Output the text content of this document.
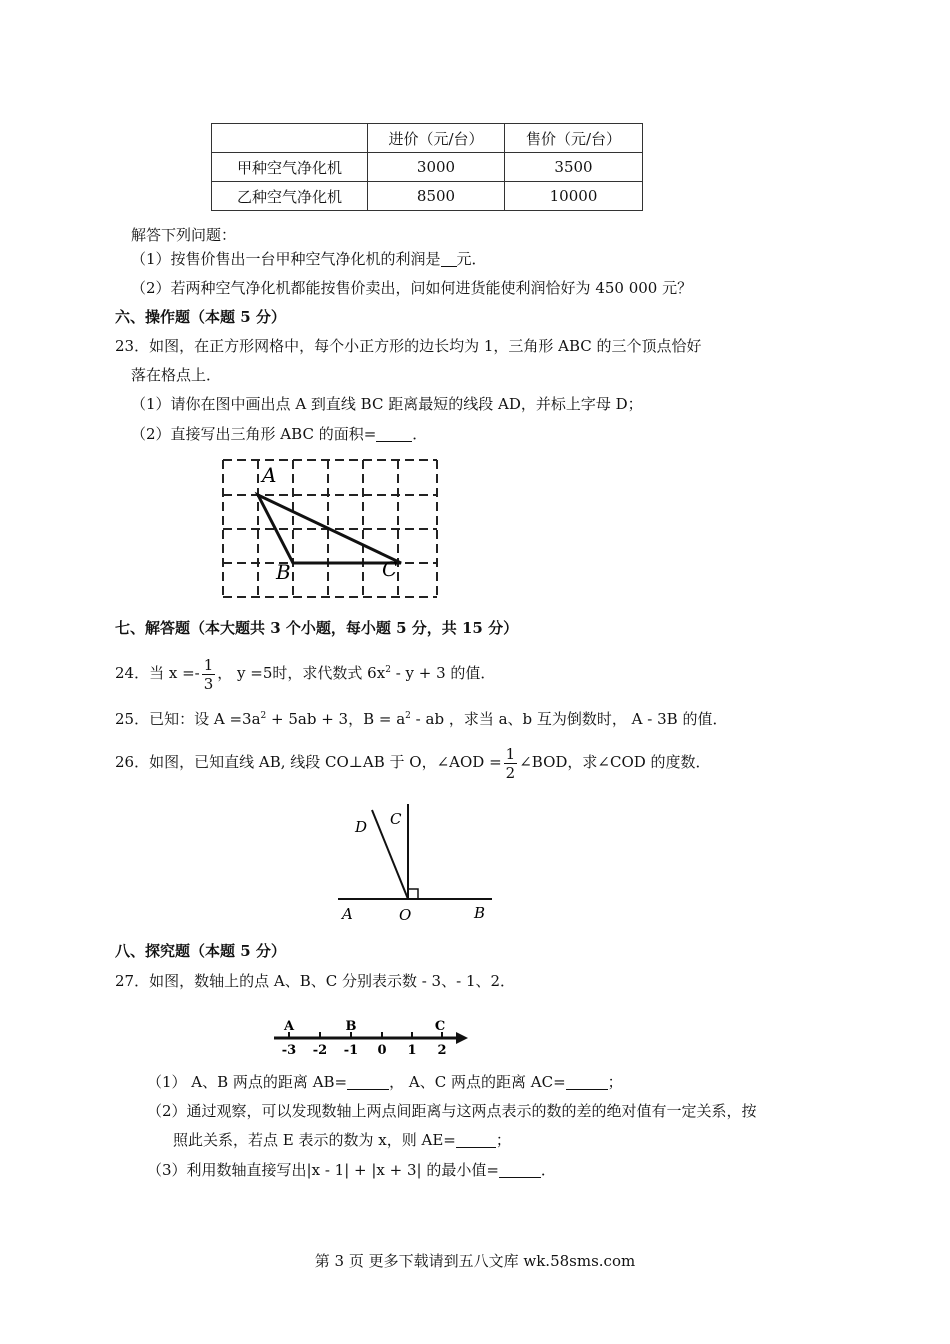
	进价（元/台）	售价（元/台）
甲种空气净化机	3000	3500
乙种空气净化机	8500	10000
解答下列问题：
（1）按售价售出一台甲种空气净化机的利润是 元．
（2）若两种空气净化机都能按售价卖出，问如何进货能使利润恰好为 450 000 元？
六、操作题（本题 5 分）
23．如图，在正方形网格中，每个小正方形的边长均为 1，三角形 ABC 的三个顶点恰好
落在格点上．
（1）请你在图中画出点 A 到直线 BC 距离最短的线段 AD，并标上字母 D；
（2）直接写出三角形 ABC 的面积= ．
A
B	C
七、解答题（本大题共 3 个小题，每小题 5 分，共 15 分）
24．当 $x =- \frac{1}{3}$ ， y =5时，求代数式 $6x^2 - y + 3$ 的值．
25．已知：设 $A =3a^2 + 5ab + 3$，$B = a^2$ - ab ，求当 a、b 互为倒数时， A - 3B 的值．
26．如图，已知直线 AB, 线段 CO⊥AB 于 O，∠AOD = $\frac{1}{2}$ ∠BOD，求∠COD 的度数．
C
D
A	O	B
八、探究题（本题 5 分）
27．如图，数轴上的点 A、B、C 分别表示数 - 3、- 1、2．
A	B	C
-3 -2 -1 0 1 2
（1） A、B 两点的距离 AB=	， A、C 两点的距离 AC=	；
（2）通过观察，可以发现数轴上两点间距离与这两点表示的数的差的绝对值有一定关系，按
照此关系，若点 E 表示的数为 x，则 AE=	；
（3）利用数轴直接写出|x - 1| + |x + 3| 的最小值=	．
第 3 页 更多下载请到五八文库 wk.58sms.com
